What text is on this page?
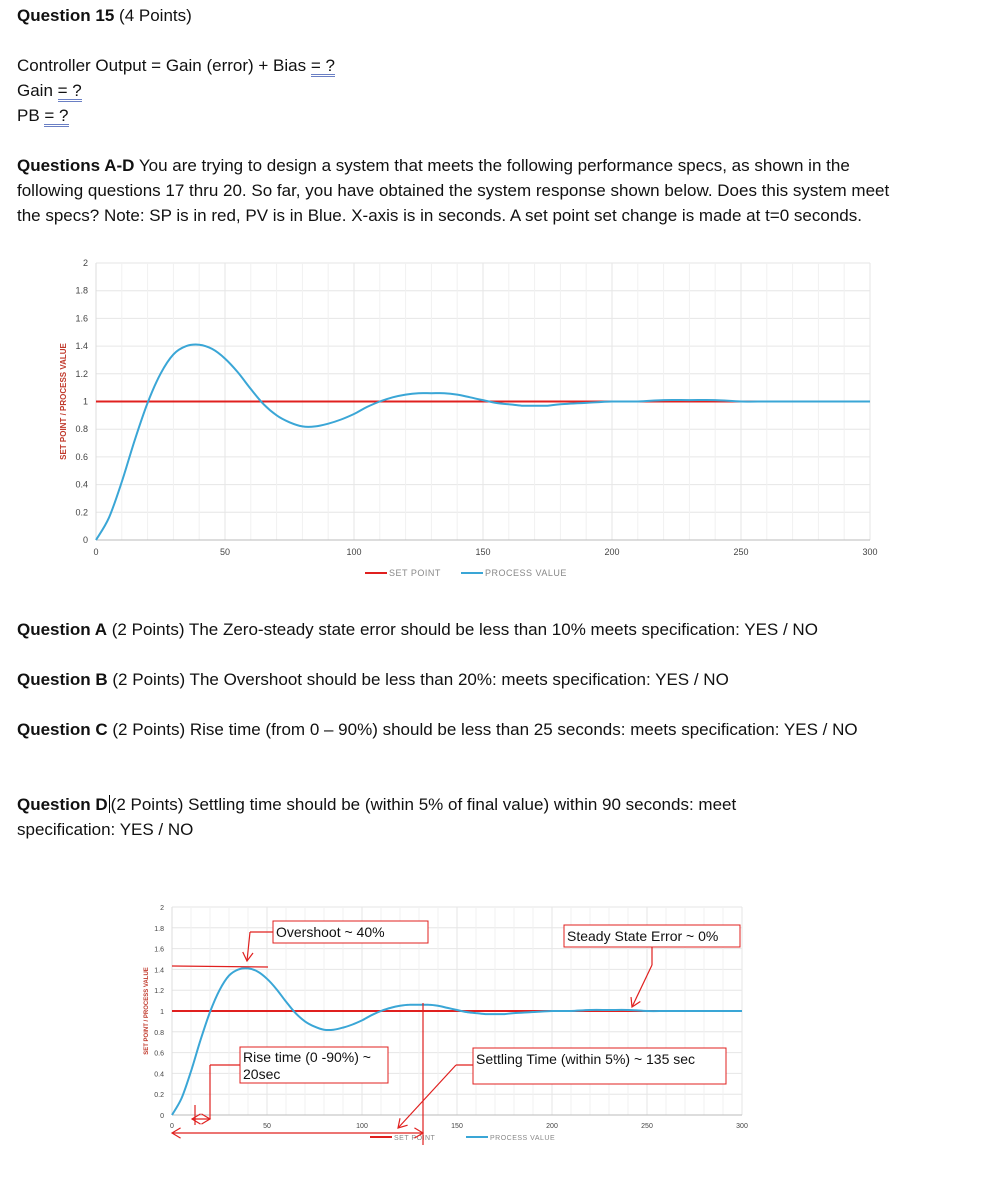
Question 15 (4 Points)
Controller Output = Gain (error) + Bias = ?
Gain = ?
PB = ?
Questions A-D You are trying to design a system that meets the following performance specs, as shown in the following questions 17 thru 20. So far, you have obtained the system response shown below. Does this system meet the specs? Note: SP is in red, PV is in Blue. X-axis is in seconds. A set point set change is made at t=0 seconds.
0
0.2
0.4
0.6
0.8
1
1.2
1.4
1.6
1.8
2
0	50	100	150	200	250	300
SET POINT / PROCESS VALUE
SET POINT	PROCESS VALUE
Question A (2 Points) The Zero-steady state error should be less than 10% meets specification: YES / NO
Question B (2 Points) The Overshoot should be less than 20%: meets specification: YES / NO
Question C (2 Points) Rise time (from 0 – 90%) should be less than 25 seconds: meets specification: YES / NO
Question D (2 Points) Settling time should be (within 5% of final value) within 90 seconds: meet specification: YES / NO
0
0.2
0.4
0.6
0.8
1
1.2
1.4
1.6
1.8
2
0	50	100	150	200	250	300
SET POINT / PROCESS VALUE
SET POINT	PROCESS VALUE
Overshoot ~ 40%	Steady State Error ~ 0%
Rise time (0 -90%) ~
20sec
Settling Time (within 5%) ~ 135 sec
